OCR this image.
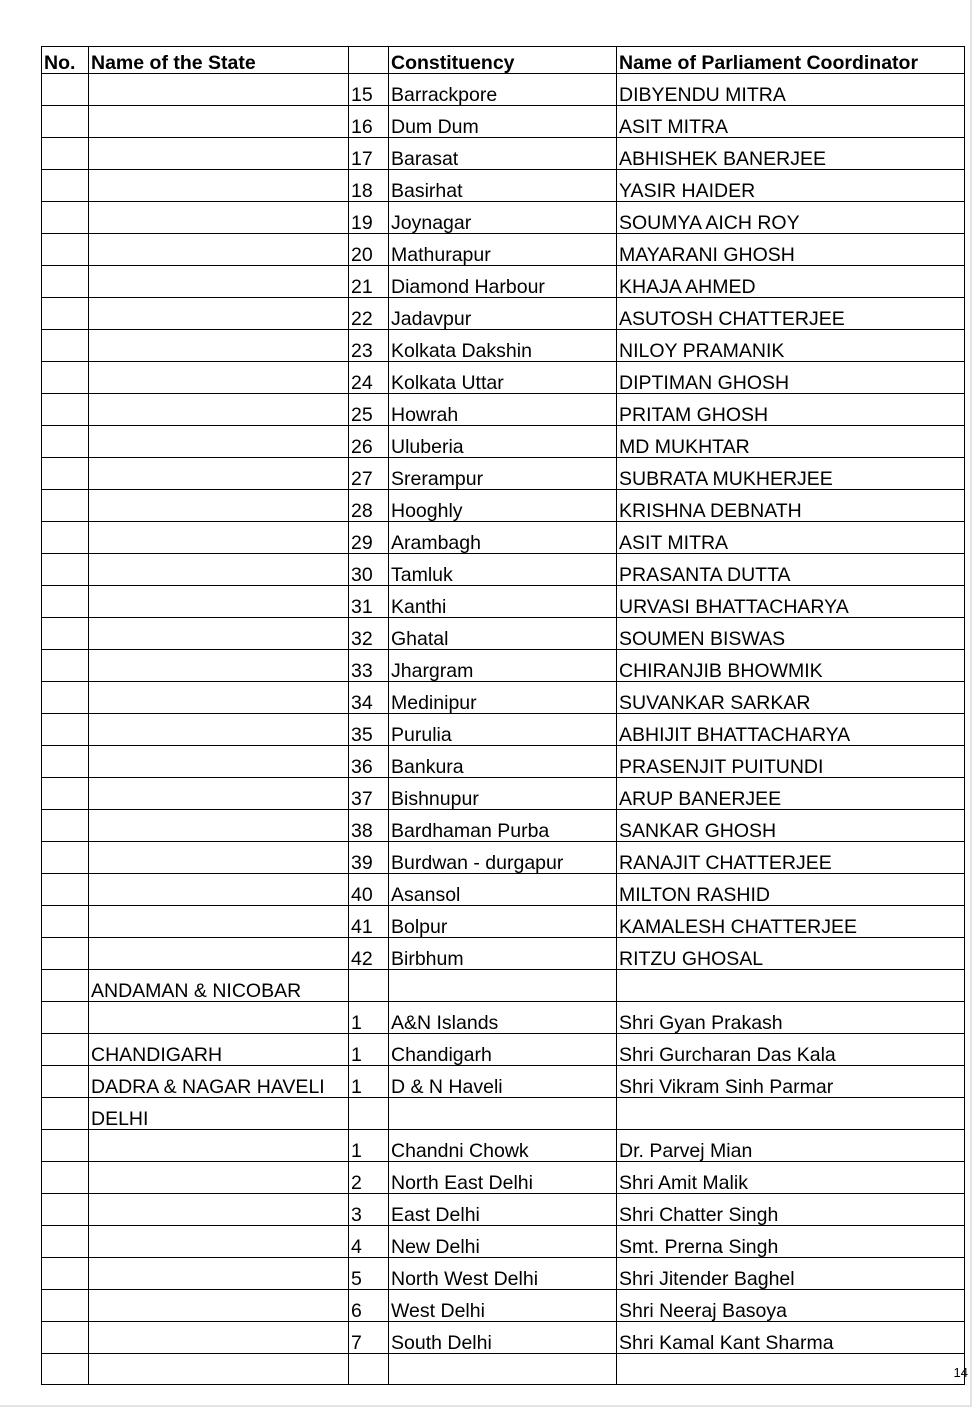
No.	Name of the State		Constituency	Name of Parliament Coordinator
		15	Barrackpore	DIBYENDU MITRA
		16	Dum Dum	ASIT MITRA
		17	Barasat	ABHISHEK BANERJEE
		18	Basirhat	YASIR HAIDER
		19	Joynagar	SOUMYA AICH ROY
		20	Mathurapur	MAYARANI GHOSH
		21	Diamond Harbour	KHAJA AHMED
		22	Jadavpur	ASUTOSH CHATTERJEE
		23	Kolkata Dakshin	NILOY PRAMANIK
		24	Kolkata Uttar	DIPTIMAN GHOSH
		25	Howrah	PRITAM GHOSH
		26	Uluberia	MD MUKHTAR
		27	Srerampur	SUBRATA MUKHERJEE
		28	Hooghly	KRISHNA DEBNATH
		29	Arambagh	ASIT MITRA
		30	Tamluk	PRASANTA DUTTA
		31	Kanthi	URVASI BHATTACHARYA
		32	Ghatal	SOUMEN BISWAS
		33	Jhargram	CHIRANJIB BHOWMIK
		34	Medinipur	SUVANKAR SARKAR
		35	Purulia	ABHIJIT BHATTACHARYA
		36	Bankura	PRASENJIT PUITUNDI
		37	Bishnupur	ARUP BANERJEE
		38	Bardhaman Purba	SANKAR GHOSH
		39	Burdwan - durgapur	RANAJIT CHATTERJEE
		40	Asansol	MILTON RASHID
		41	Bolpur	KAMALESH CHATTERJEE
		42	Birbhum	RITZU GHOSAL
	ANDAMAN & NICOBAR			
		1	A&N Islands	Shri Gyan Prakash
	CHANDIGARH	1	Chandigarh	Shri Gurcharan Das Kala
	DADRA & NAGAR HAVELI	1	D & N Haveli	Shri Vikram Sinh Parmar
	DELHI			
		1	Chandni Chowk	Dr. Parvej Mian
		2	North East Delhi	Shri Amit Malik
		3	East Delhi	Shri Chatter Singh
		4	New Delhi	Smt. Prerna Singh
		5	North West Delhi	Shri Jitender Baghel
		6	West Delhi	Shri Neeraj Basoya
		7	South Delhi	Shri Kamal Kant Sharma

14
